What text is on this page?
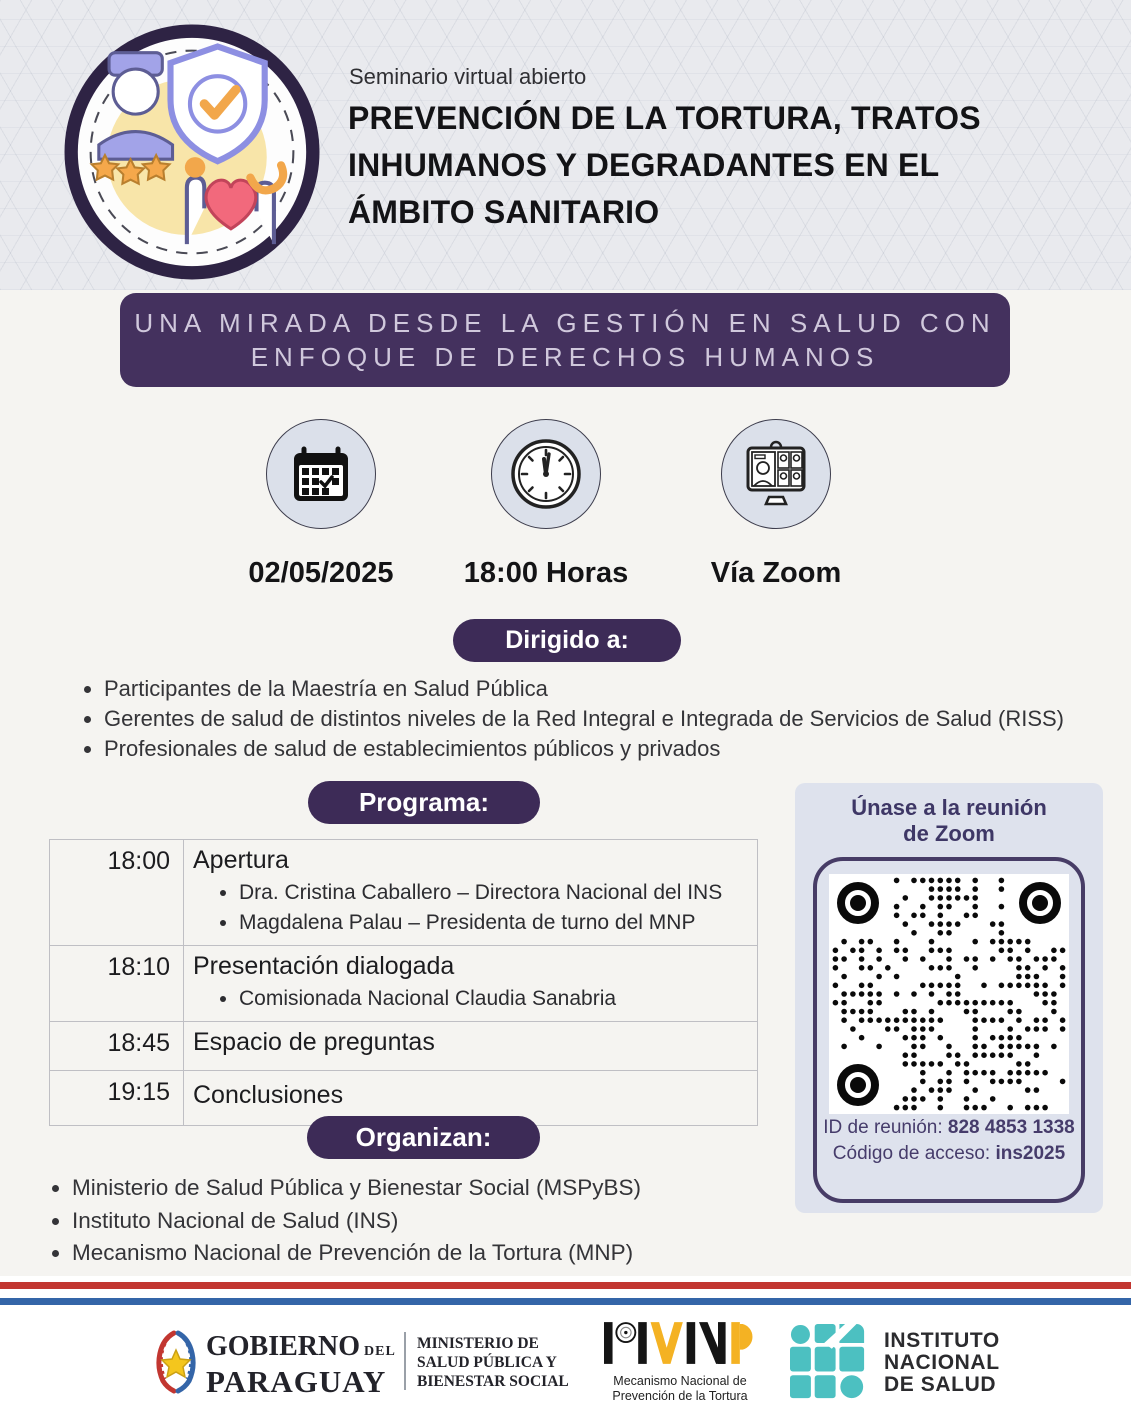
Seminario virtual abierto
PREVENCIÓN DE LA TORTURA, TRATOS
INHUMANOS Y DEGRADANTES EN EL
ÁMBITO SANITARIO
UNA MIRADA DESDE LA GESTIÓN EN SALUD CON
ENFOQUE DE DERECHOS HUMANOS
02/05/2025	18:00 Horas	Vía Zoom
Dirigido a:
• Participantes de la Maestría en Salud Pública
• Gerentes de salud de distintos niveles de la Red Integral e Integrada de Servicios de Salud (RISS)
• Profesionales de salud de establecimientos públicos y privados
Programa:
18:00	Apertura
• Dra. Cristina Caballero – Directora Nacional del INS
• Magdalena Palau – Presidenta de turno del MNP

18:10	Presentación dialogada
• Comisionada Nacional Claudia Sanabria

18:45	Espacio de preguntas

19:15	Conclusiones
Únase a la reunión
de Zoom
ID de reunión: 828 4853 1338
Código de acceso: ins2025
Organizan:
• Ministerio de Salud Pública y Bienestar Social (MSPyBS)
• Instituto Nacional de Salud (INS)
• Mecanismo Nacional de Prevención de la Tortura (MNP)
GOBIERNO DEL
PARAGUAY
MINISTERIO DE
SALUD PÚBLICA Y
BIENESTAR SOCIAL	Mecanismo Nacional de
Prevención de la Tortura
INSTITUTO
NACIONAL
DE SALUD
